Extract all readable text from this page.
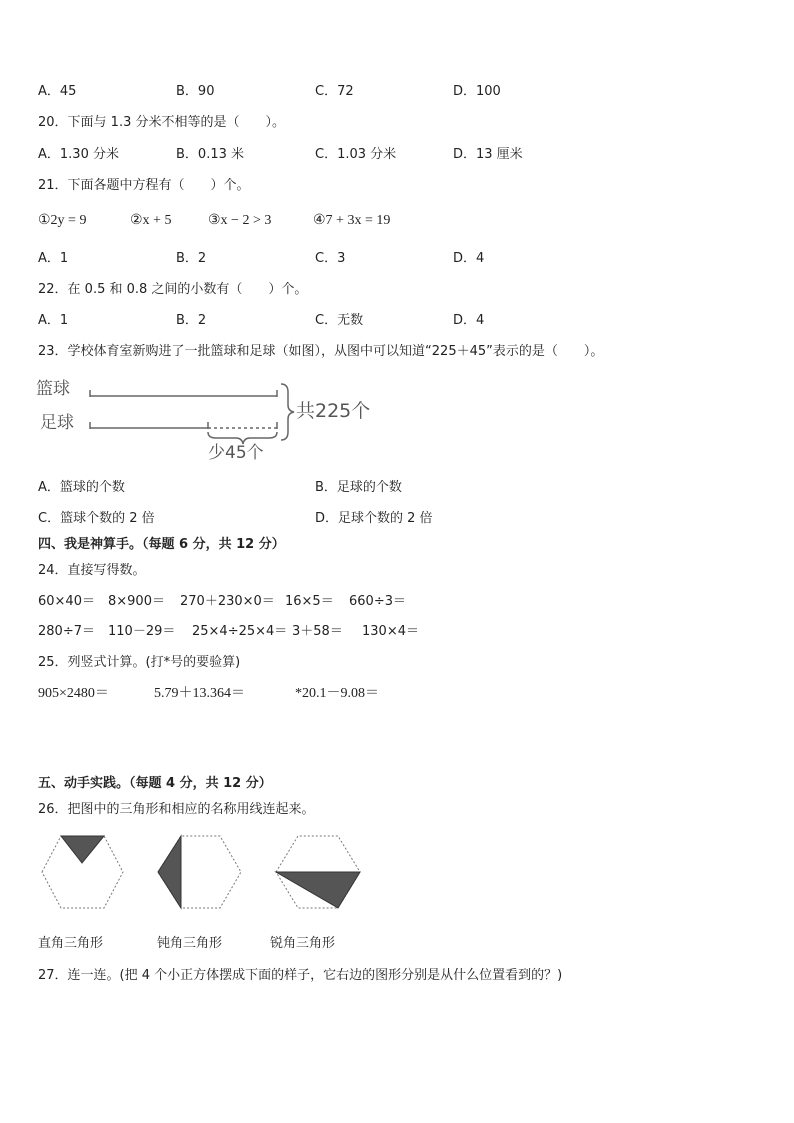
A．45	B．90	C．72	D．100
20．下面与 1.3 分米不相等的是（　　）。
A．1.30 分米	B．0.13 米	C．1.03 分米	D．13 厘米
21．下面各题中方程有（　　）个。
①2y = 9	②x + 5	③x − 2 > 3	④7 + 3x = 19
A．1	B．2	C．3	D．4
22．在 0.5 和 0.8 之间的小数有（　　）个。
A．1	B．2	C．无数	D．4
23．学校体育室新购进了一批篮球和足球（如图），从图中可以知道“225＋45”表示的是（　　）。
篮球
足球
共225个
少45个
A．篮球的个数	B．足球的个数
C．篮球个数的 2 倍	D．足球个数的 2 倍
四、我是神算手。（每题 6 分，共 12 分）
24．直接写得数。
60×40＝ 8×900＝ 270＋230×0＝ 16×5＝ 660÷3＝
280÷7＝ 110－29＝ 25×4÷25×4＝ 3＋58＝ 130×4＝
25．列竖式计算。(打*号的要验算)
905×2480＝	5.79＋13.364＝	*20.1－9.08＝
五、动手实践。（每题 4 分，共 12 分）
26．把图中的三角形和相应的名称用线连起来。
直角三角形	钝角三角形	锐角三角形
27．连一连。(把 4 个小正方体摆成下面的样子，它右边的图形分别是从什么位置看到的？)
